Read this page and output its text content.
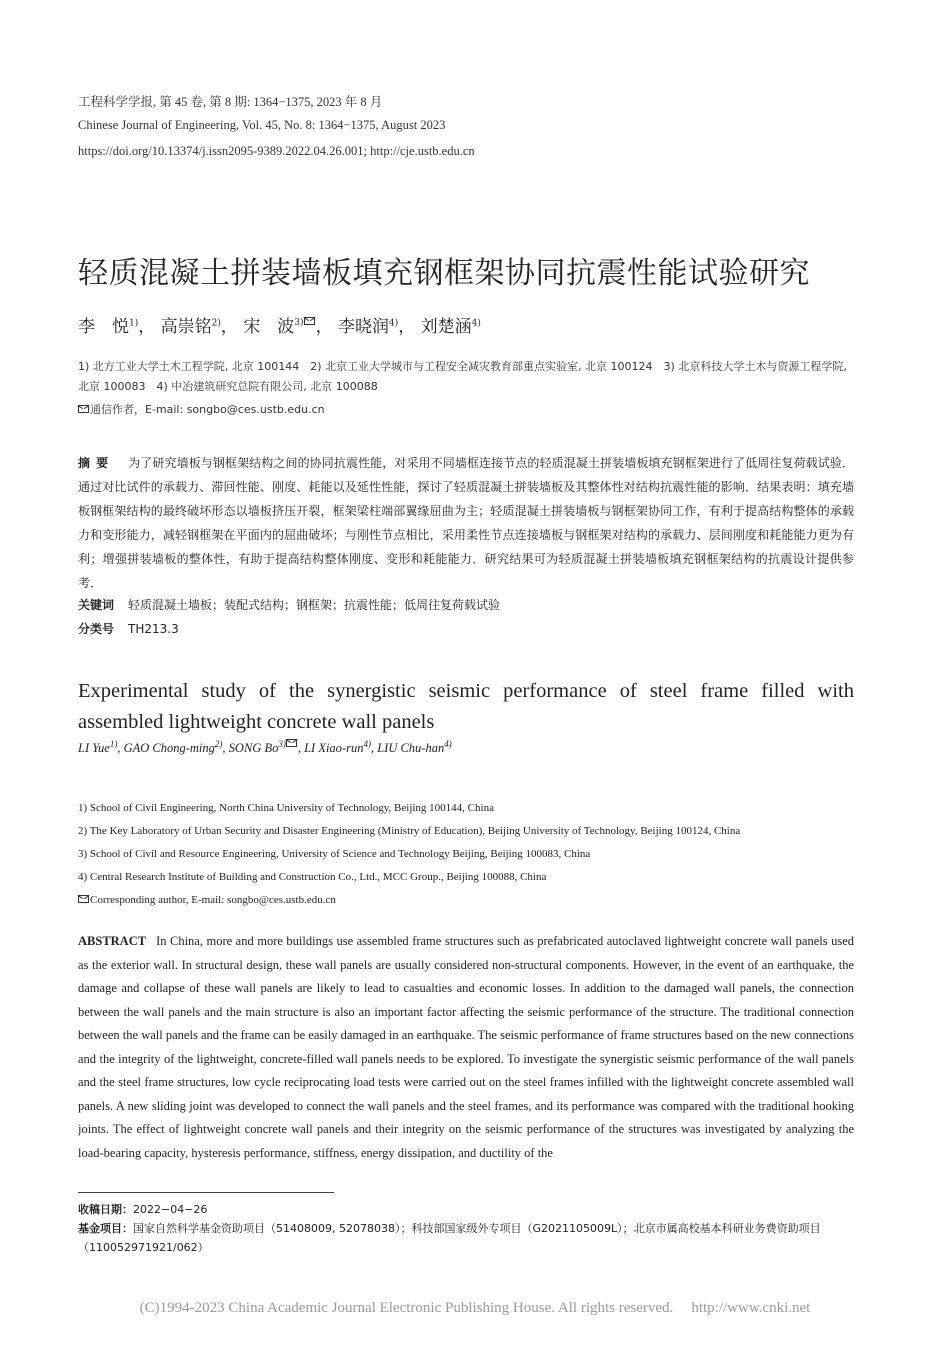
工程科学学报, 第 45 卷, 第 8 期: 1364−1375, 2023 年 8 月
Chinese Journal of Engineering, Vol. 45, No. 8: 1364−1375, August 2023
https://doi.org/10.13374/j.issn2095-9389.2022.04.26.001; http://cje.ustb.edu.cn
轻质混凝土拼装墙板填充钢框架协同抗震性能试验研究
李　悦$^{1)}$， 高崇铭$^{2)}$， 宋　波$^{3)}$ ， 李晓润$^{4)}$， 刘楚涵$^{4)}$
1) 北方工业大学土木工程学院, 北京 100144　2) 北京工业大学城市与工程安全减灾教育部重点实验室, 北京 100124　3) 北京科技大学土木与资源工程学院, 北京 100083　4) 中冶建筑研究总院有限公司, 北京 100088
通信作者，E-mail: songbo@ces.ustb.edu.cn
摘要 为了研究墙板与钢框架结构之间的协同抗震性能，对采用不同墙框连接节点的轻质混凝土拼装墙板填充钢框架进行了低周往复荷载试验．通过对比试件的承载力、滞回性能、刚度、耗能以及延性性能，探讨了轻质混凝土拼装墙板及其整体性对结构抗震性能的影响．结果表明：填充墙板钢框架结构的最终破坏形态以墙板挤压开裂，框架梁柱端部翼缘屈曲为主；轻质混凝土拼装墙板与钢框架协同工作，有利于提高结构整体的承载力和变形能力，减轻钢框架在平面内的屈曲破坏；与刚性节点相比，采用柔性节点连接墙板与钢框架对结构的承载力、层间刚度和耗能能力更为有利；增强拼装墙板的整体性，有助于提高结构整体刚度、变形和耗能能力．研究结果可为轻质混凝土拼装墙板填充钢框架结构的抗震设计提供参考．
关键词 轻质混凝土墙板；装配式结构；钢框架；抗震性能；低周往复荷载试验
分类号 TH213.3
Experimental study of the synergistic seismic performance of steel frame filled with assembled lightweight concrete wall panels
LI Yue$^{1)}$, GAO Chong-ming$^{2)}$, SONG Bo$^{3)}$ , LI Xiao-run$^{4)}$, LIU Chu-han$^{4)}$
1) School of Civil Engineering, North China University of Technology, Beijing 100144, China
2) The Key Laboratory of Urban Security and Disaster Engineering (Ministry of Education), Beijing University of Technology, Beijing 100124, China
3) School of Civil and Resource Engineering, University of Science and Technology Beijing, Beijing 100083, China
4) Central Research Institute of Building and Construction Co., Ltd., MCC Group., Beijing 100088, China
Corresponding author, E-mail: songbo@ces.ustb.edu.cn
ABSTRACT In China, more and more buildings use assembled frame structures such as prefabricated autoclaved lightweight concrete wall panels used as the exterior wall. In structural design, these wall panels are usually considered non-structural components. However, in the event of an earthquake, the damage and collapse of these wall panels are likely to lead to casualties and economic losses. In addition to the damaged wall panels, the connection between the wall panels and the main structure is also an important factor affecting the seismic performance of the structure. The traditional connection between the wall panels and the frame can be easily damaged in an earthquake. The seismic performance of frame structures based on the new connections and the integrity of the lightweight, concrete-filled wall panels needs to be explored. To investigate the synergistic seismic performance of the wall panels and the steel frame structures, low cycle reciprocating load tests were carried out on the steel frames infilled with the lightweight concrete assembled wall panels. A new sliding joint was developed to connect the wall panels and the steel frames, and its performance was compared with the traditional hooking joints. The effect of lightweight concrete wall panels and their integrity on the seismic performance of the structures was investigated by analyzing the load-bearing capacity, hysteresis performance, stiffness, energy dissipation, and ductility of the
收稿日期：2022−04−26
基金项目：国家自然科学基金资助项目（51408009, 52078038）；科技部国家级外专项目（G2021105009L）；北京市属高校基本科研业务费资助项目（110052971921/062）
(C)1994-2023 China Academic Journal Electronic Publishing House. All rights reserved. http://www.cnki.net
